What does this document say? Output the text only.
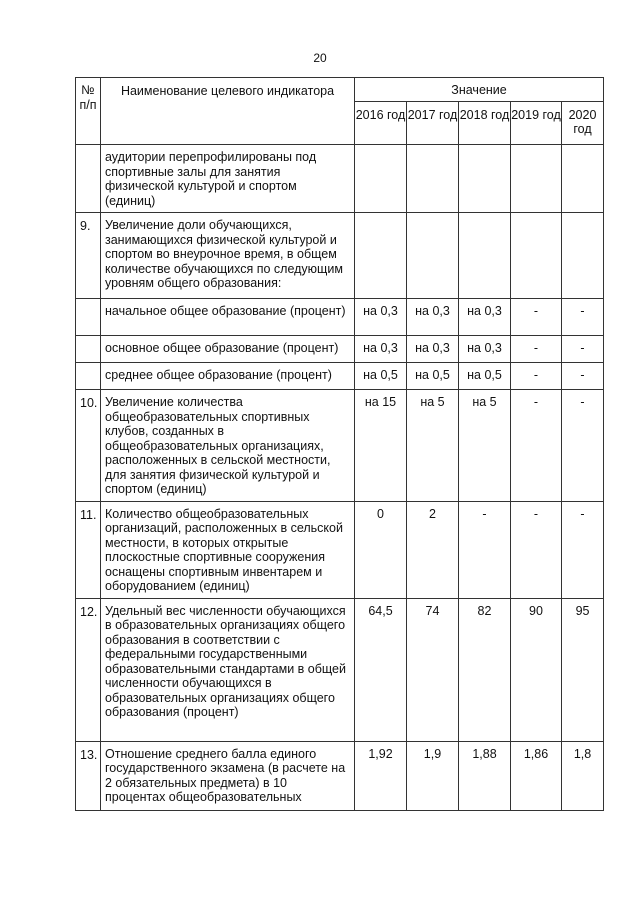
20
№ п/п	Наименование целевого индикатора	Значение				
		2016 год	2017 год	2018 год	2019 год	2020 год
	аудитории перепрофилированы под спортивные залы для занятия физической культурой и спортом (единиц)					
9.	Увеличение доли обучающихся, занимающихся физической культурой и спортом во внеурочное время, в общем количестве обучающихся по следующим уровням общего образования:					
	начальное общее образование (процент)	на 0,3	на 0,3	на 0,3	-	-
	основное общее образование (процент)	на 0,3	на 0,3	на 0,3	-	-
	среднее общее образование (процент)	на 0,5	на 0,5	на 0,5	-	-
10.	Увеличение количества общеобразовательных спортивных клубов, созданных в общеобразовательных организациях, расположенных в сельской местности, для занятия физической культурой и спортом (единиц)	на 15	на 5	на 5	-	-
11.	Количество общеобразовательных организаций, расположенных в сельской местности, в которых открытые плоскостные спортивные сооружения оснащены спортивным инвентарем и оборудованием (единиц)	0	2	-	-	-
12.	Удельный вес численности обучающихся в образовательных организациях общего образования в соответствии с федеральными государственными образовательными стандартами в общей численности обучающихся в образовательных организациях общего образования (процент)	64,5	74	82	90	95
13.	Отношение среднего балла единого государственного экзамена (в расчете на 2 обязательных предмета) в 10 процентах общеобразовательных	1,92	1,9	1,88	1,86	1,8
